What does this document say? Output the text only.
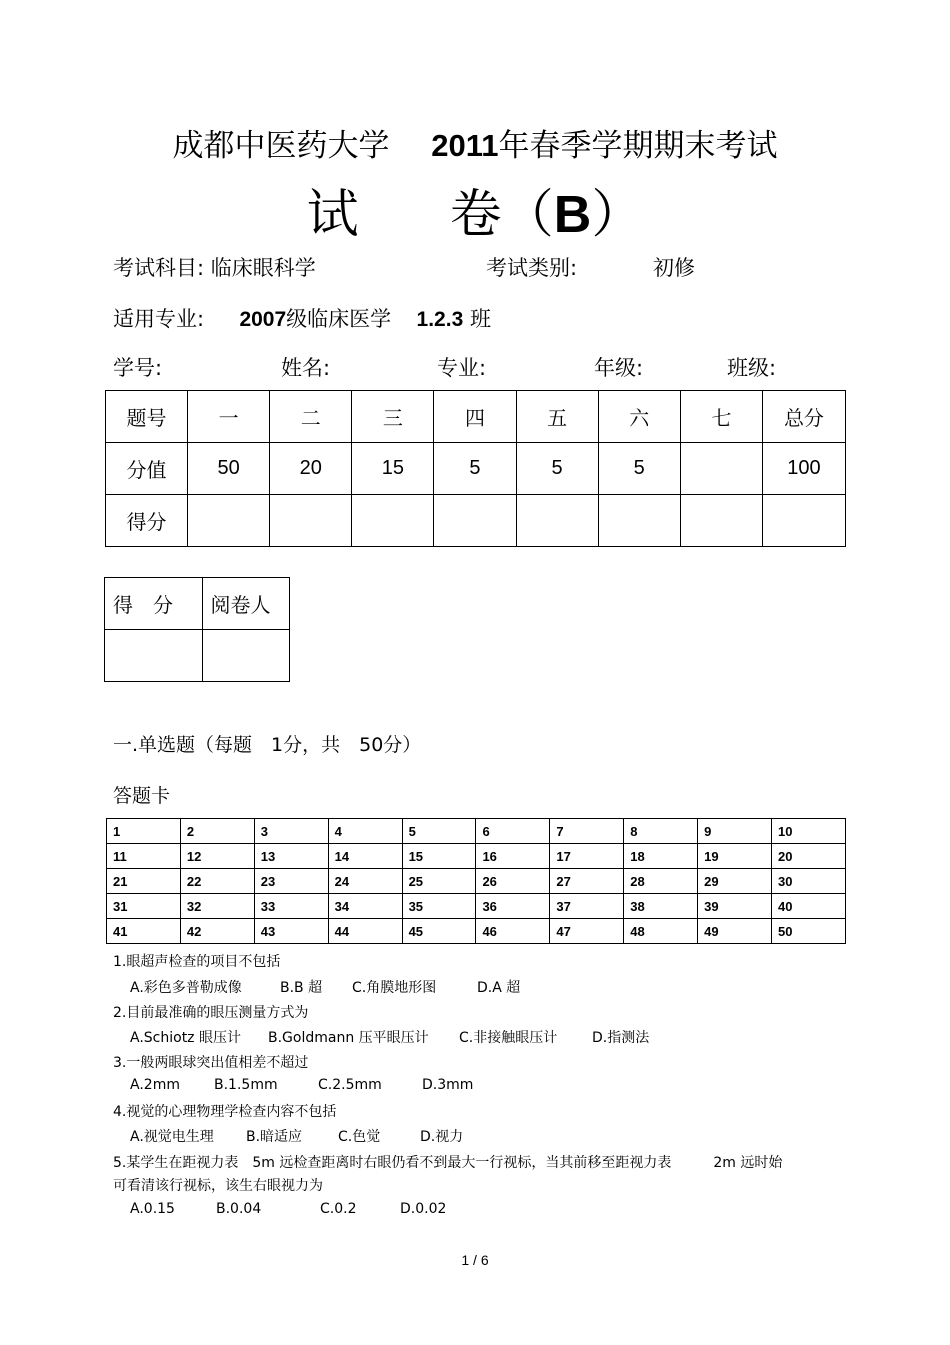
成都中医药大学 2011年春季学期期末考试
试 卷（B）
考试科目: 临床眼科学	考试类别:	初修
适用专业: 2007级临床医学 1.2.3 班
学号:	姓名:	专业:	年级:	班级:
题号	一	二	三	四	五	六	七	总分
分值	50	20	15	5	5	5		100
得分								
得　分	阅卷人

一.单选题（每题　1分，共　50分）
答题卡
1	2	3	4	5	6	7	8	9	10
11	12	13	14	15	16	17	18	19	20
21	22	23	24	25	26	27	28	29	30
31	32	33	34	35	36	37	38	39	40
41	42	43	44	45	46	47	48	49	50
1.眼超声检查的项目不包括
A.彩色多普勒成像	B.B 超 C.角膜地形图	D.A 超
2.目前最准确的眼压测量方式为
A.Schiotz 眼压计 B.Goldmann 压平眼压计 C.非接触眼压计 D.指测法
3.一般两眼球突出值相差不超过
A.2mm B.1.5mm	C.2.5mm	D.3mm
4.视觉的心理物理学检查内容不包括
A.视觉电生理 B.暗适应	C.色觉	D.视力
5.某学生在距视力表　5m 远检查距离时右眼仍看不到最大一行视标，当其前移至距视力表　　　2m 远时始
可看清该行视标，该生右眼视力为
A.0.15	B.0.04	C.0.2	D.0.02
1 / 6
